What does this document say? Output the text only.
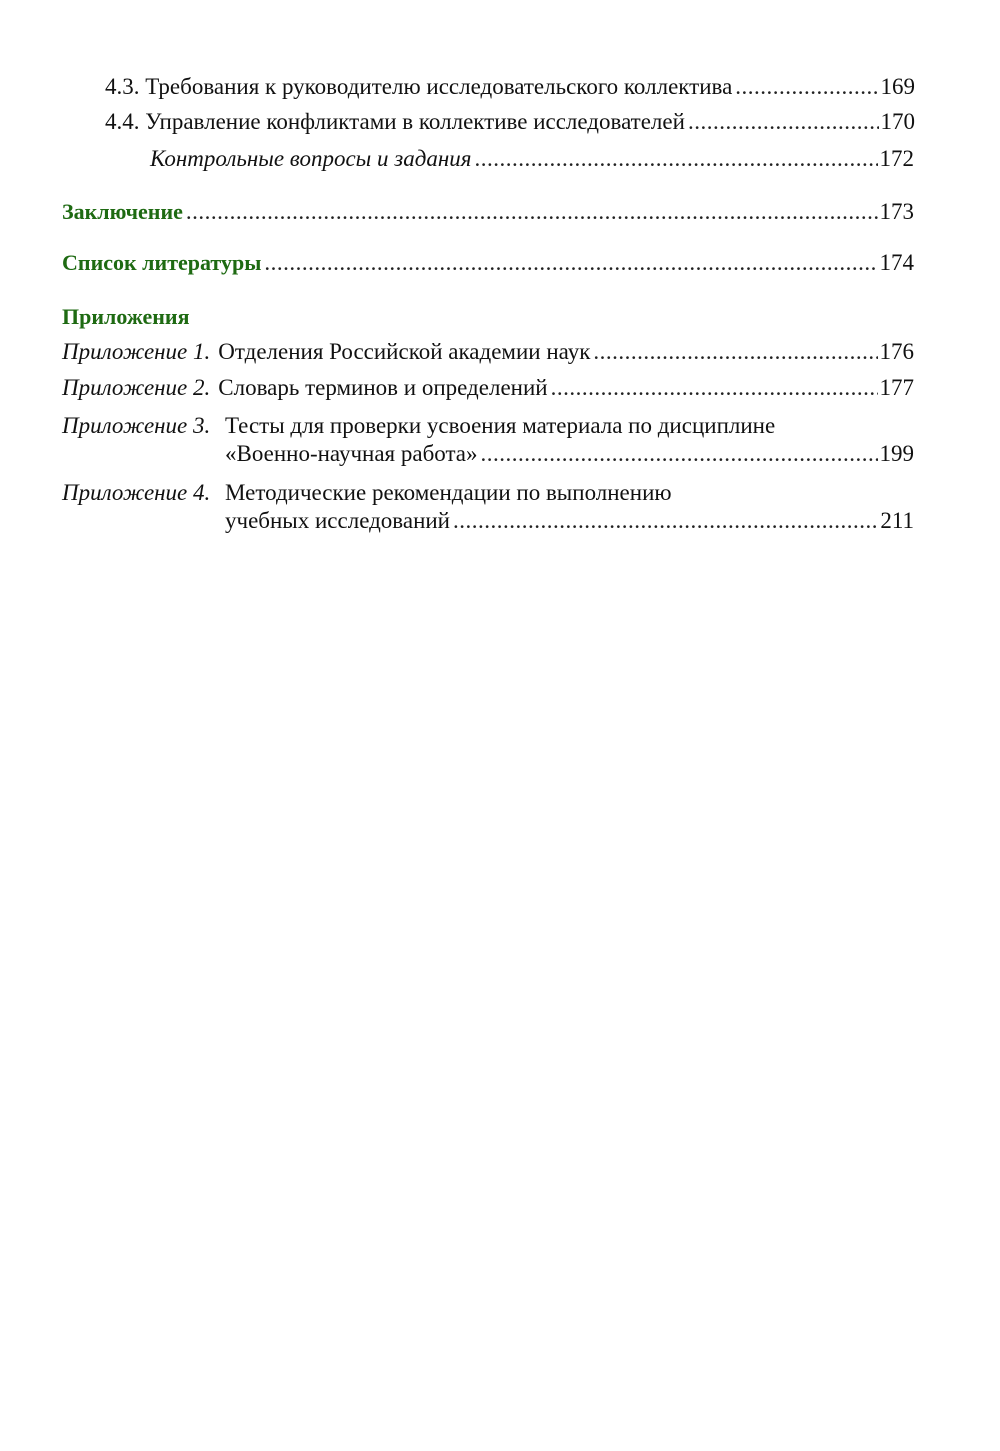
4.3. Требования к руководителю исследовательского коллектива .....	169
4.4. Управление конфликтами в коллективе исследователей .....	170
Контрольные вопросы и задания .....	172
Заключение .....	173
Список литературы .....	174
Приложения
Приложение 1. Отделения Российской академии наук .....	176
Приложение 2. Словарь терминов и определений .....	177
Приложение 3. Тесты для проверки усвоения материала по дисциплине
«Военно-научная работа» .....	199
Приложение 4. Методические рекомендации по выполнению
учебных исследований .....	211
